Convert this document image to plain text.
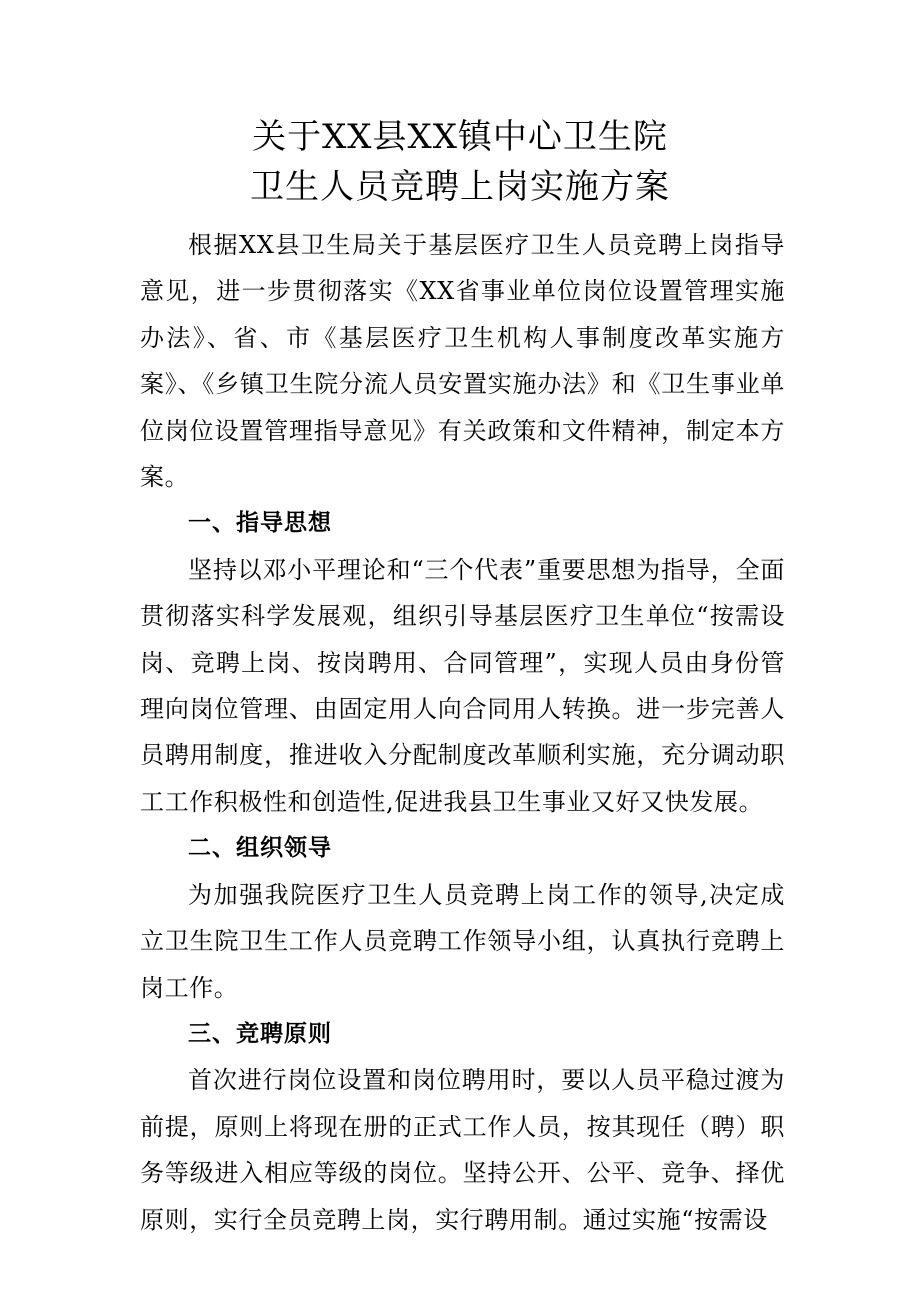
关于XX县XX镇中心卫生院
卫生人员竞聘上岗实施方案

根据XX县卫生局关于基层医疗卫生人员竞聘上岗指导意见，进一步贯彻落实《XX省事业单位岗位设置管理实施办法》、省、市《基层医疗卫生机构人事制度改革实施方案》、《乡镇卫生院分流人员安置实施办法》和《卫生事业单位岗位设置管理指导意见》有关政策和文件精神，制定本方案。

一、指导思想

坚持以邓小平理论和“三个代表”重要思想为指导，全面贯彻落实科学发展观，组织引导基层医疗卫生单位“按需设岗、竞聘上岗、按岗聘用、合同管理”，实现人员由身份管理向岗位管理、由固定用人向合同用人转换。进一步完善人员聘用制度，推进收入分配制度改革顺利实施，充分调动职工工作积极性和创造性,促进我县卫生事业又好又快发展。

二、组织领导

为加强我院医疗卫生人员竞聘上岗工作的领导,决定成立卫生院卫生工作人员竞聘工作领导小组，认真执行竞聘上岗工作。

三、竞聘原则

首次进行岗位设置和岗位聘用时，要以人员平稳过渡为前提，原则上将现在册的正式工作人员，按其现任（聘）职务等级进入相应等级的岗位。坚持公开、公平、竞争、择优原则，实行全员竞聘上岗，实行聘用制。通过实施“按需设
